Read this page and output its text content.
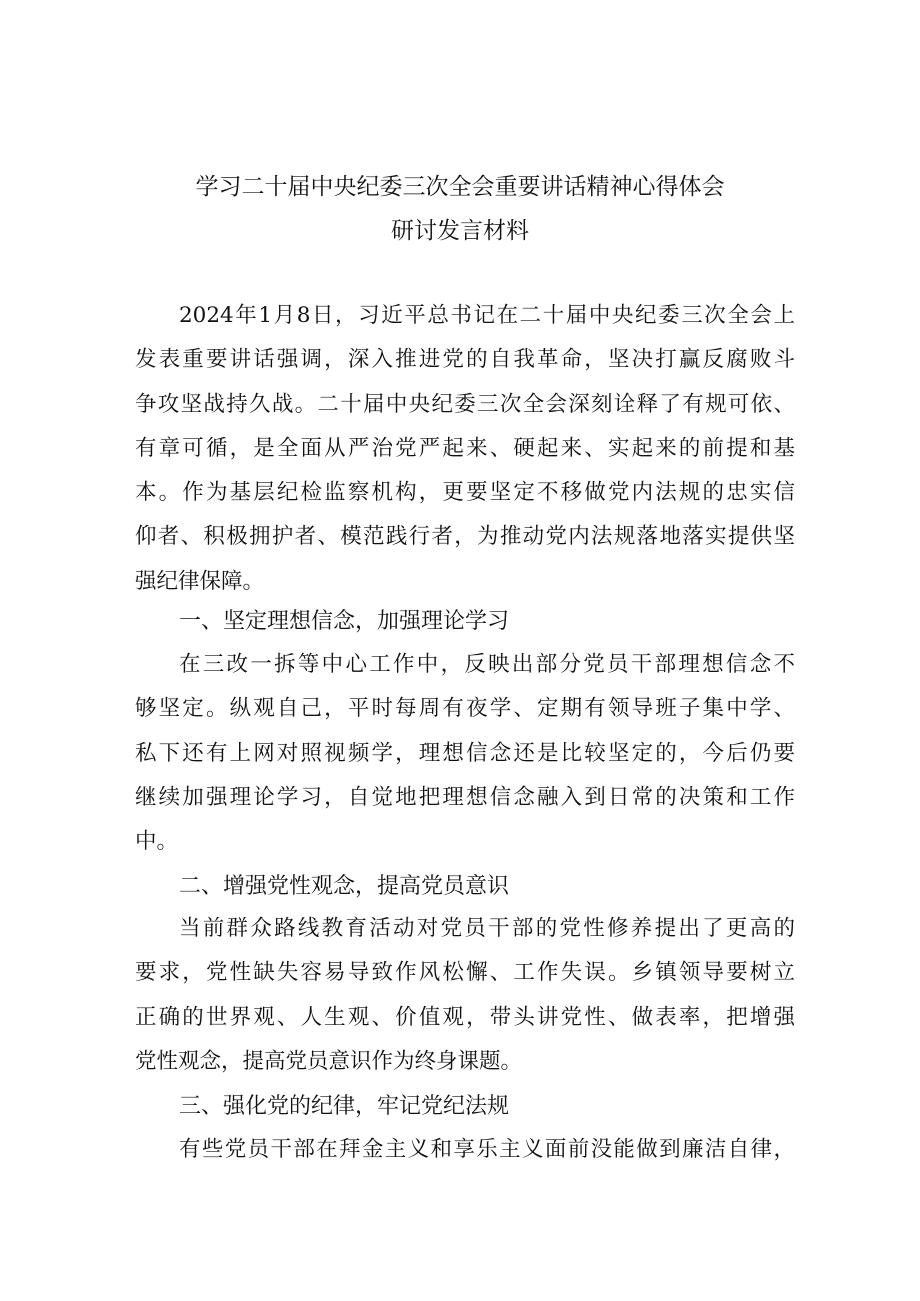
学习二十届中央纪委三次全会重要讲话精神心得体会
研讨发言材料
2024年1月8日，习近平总书记在二十届中央纪委三次全会上
发表重要讲话强调，深入推进党的自我革命，坚决打赢反腐败斗
争攻坚战持久战。二十届中央纪委三次全会深刻诠释了有规可依、
有章可循，是全面从严治党严起来、硬起来、实起来的前提和基
本。作为基层纪检监察机构，更要坚定不移做党内法规的忠实信
仰者、积极拥护者、模范践行者，为推动党内法规落地落实提供坚
强纪律保障。
一、坚定理想信念，加强理论学习
在三改一拆等中心工作中，反映出部分党员干部理想信念不
够坚定。纵观自己，平时每周有夜学、定期有领导班子集中学、
私下还有上网对照视频学，理想信念还是比较坚定的，今后仍要
继续加强理论学习，自觉地把理想信念融入到日常的决策和工作
中。
二、增强党性观念，提高党员意识
当前群众路线教育活动对党员干部的党性修养提出了更高的
要求，党性缺失容易导致作风松懈、工作失误。乡镇领导要树立
正确的世界观、人生观、价值观，带头讲党性、做表率，把增强
党性观念，提高党员意识作为终身课题。
三、强化党的纪律，牢记党纪法规
有些党员干部在拜金主义和享乐主义面前没能做到廉洁自律，
